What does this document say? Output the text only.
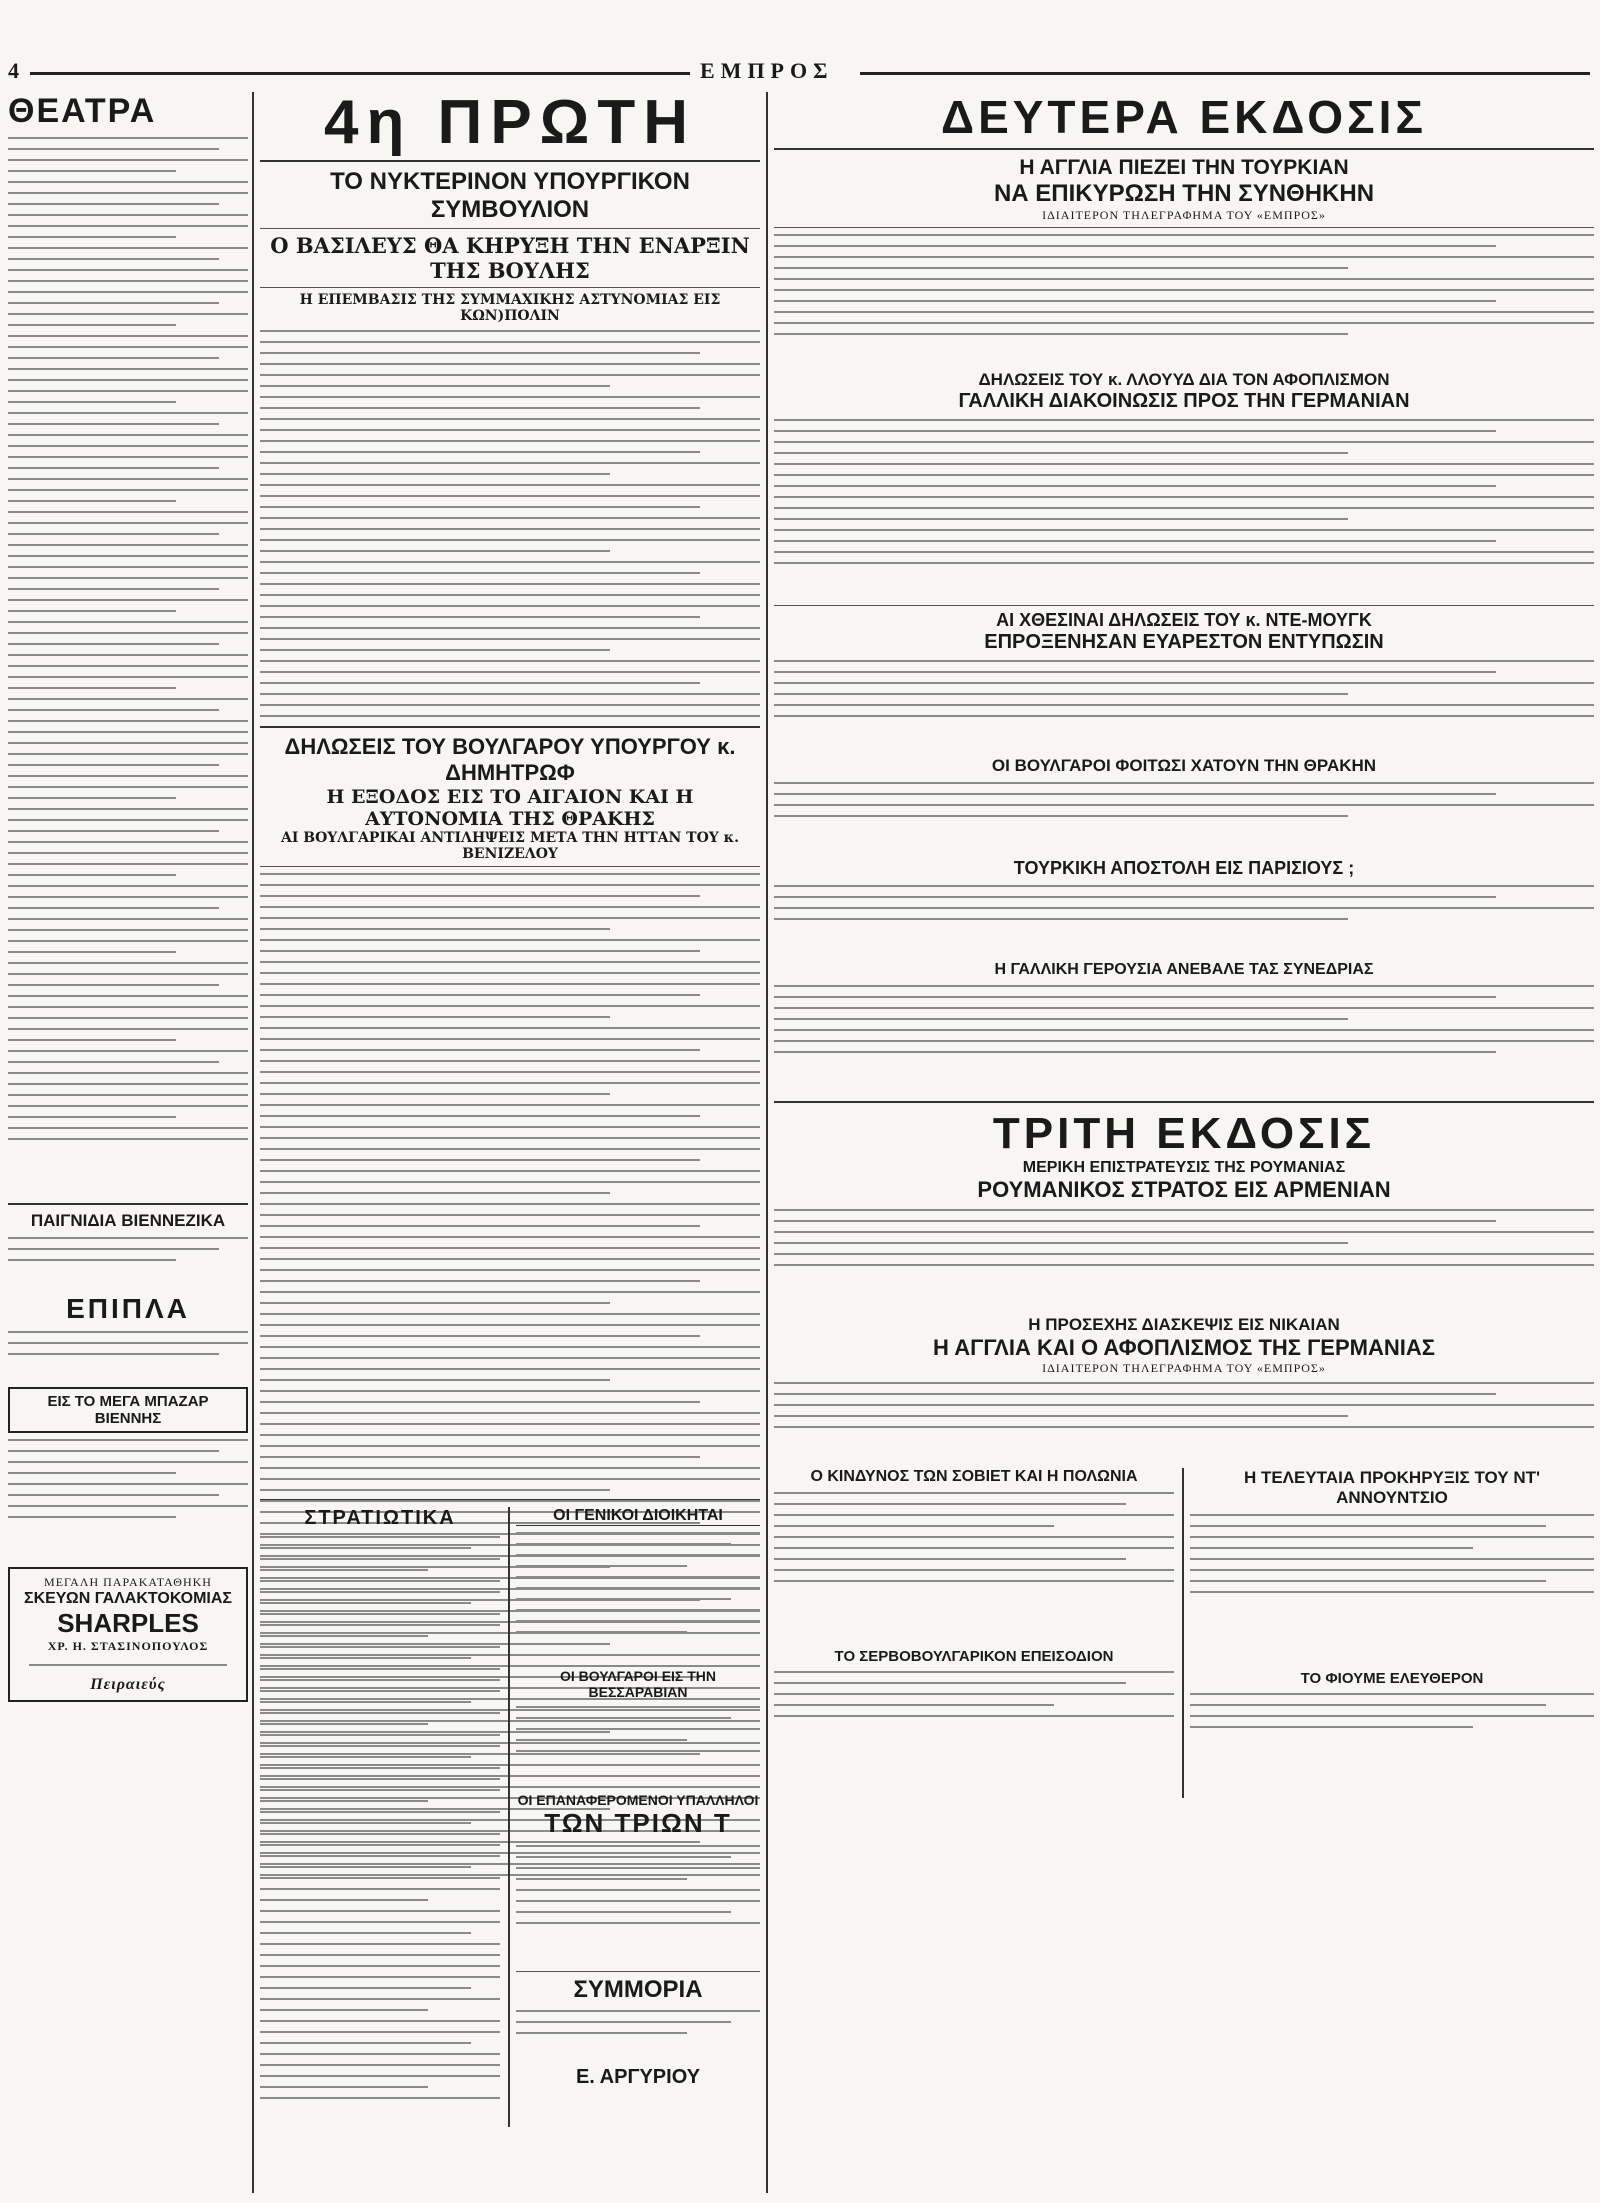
4	ΕΜΠΡΟΣ
ΘΕΑΤΡΑ
ΠΑΙΓΝΙΔΙΑ ΒΙΕΝΝΕΖΙΚΑ
ΕΠΙΠΛΑ
ΕΙΣ ΤΟ ΜΕΓΑ ΜΠΑΖΑΡ ΒΙΕΝΝΗΣ
ΜΕΓΑΛΗ ΠΑΡΑΚΑΤΑΘΗΚΗ
ΣΚΕΥΩΝ ΓΑΛΑΚΤΟΚΟΜΙΑΣ
SHARPLES
ΧΡ. Η. ΣΤΑΣΙΝΟΠΟΥΛΟΣ
Πειραιεύς
4η ΠΡΩΤΗ
ΤΟ ΝΥΚΤΕΡΙΝΟΝ ΥΠΟΥΡΓΙΚΟΝ ΣΥΜΒΟΥΛΙΟΝ
Ο ΒΑΣΙΛΕΥΣ ΘΑ ΚΗΡΥΞΗ ΤΗΝ ΕΝΑΡΞΙΝ ΤΗΣ ΒΟΥΛΗΣ
Η ΕΠΕΜΒΑΣΙΣ ΤΗΣ ΣΥΜΜΑΧΙΚΗΣ ΑΣΤΥΝΟΜΙΑΣ ΕΙΣ ΚΩΝ)ΠΟΛΙΝ
ΔΗΛΩΣΕΙΣ ΤΟΥ ΒΟΥΛΓΑΡΟΥ ΥΠΟΥΡΓΟΥ κ. ΔΗΜΗΤΡΩΦ
Η ΕΞΟΔΟΣ ΕΙΣ ΤΟ ΑΙΓΑΙΟΝ ΚΑΙ Η ΑΥΤΟΝΟΜΙΑ ΤΗΣ ΘΡΑΚΗΣ
ΑΙ ΒΟΥΛΓΑΡΙΚΑΙ ΑΝΤΙΛΗΨΕΙΣ ΜΕΤΑ ΤΗΝ ΗΤΤΑΝ ΤΟΥ κ. ΒΕΝΙΖΕΛΟΥ
ΣΤΡΑΤΙΩΤΙΚΑ	ΟΙ ΓΕΝΙΚΟΙ ΔΙΟΙΚΗΤΑΙ
ΟΙ ΒΟΥΛΓΑΡΟΙ ΕΙΣ ΤΗΝ ΒΕΣΣΑΡΑΒΙΑΝ
ΟΙ ΕΠΑΝΑΦΕΡΟΜΕΝΟΙ ΥΠΑΛΛΗΛΟΙ
ΤΩΝ ΤΡΙΩΝ Τ
ΣΥΜΜΟΡΙΑ
Ε. ΑΡΓΥΡΙΟΥ
ΔΕΥΤΕΡΑ ΕΚΔΟΣΙΣ
Η ΑΓΓΛΙΑ ΠΙΕΖΕΙ ΤΗΝ ΤΟΥΡΚΙΑΝ
ΝΑ ΕΠΙΚΥΡΩΣΗ ΤΗΝ ΣΥΝΘΗΚΗΝ
ΙΔΙΑΙΤΕΡΟΝ ΤΗΛΕΓΡΑΦΗΜΑ ΤΟΥ «ΕΜΠΡΟΣ»
ΔΗΛΩΣΕΙΣ ΤΟΥ κ. ΛΛΟΥΥΔ ΔΙΑ ΤΟΝ ΑΦΟΠΛΙΣΜΟΝ
ΓΑΛΛΙΚΗ ΔΙΑΚΟΙΝΩΣΙΣ ΠΡΟΣ ΤΗΝ ΓΕΡΜΑΝΙΑΝ
ΑΙ ΧΘΕΣΙΝΑΙ ΔΗΛΩΣΕΙΣ ΤΟΥ κ. ΝΤΕ-ΜΟΥΓΚ
ΕΠΡΟΞΕΝΗΣΑΝ ΕΥΑΡΕΣΤΟΝ ΕΝΤΥΠΩΣΙΝ
ΟΙ ΒΟΥΛΓΑΡΟΙ ΦΟΙΤΩΣΙ ΧΑΤΟΥΝ ΤΗΝ ΘΡΑΚΗΝ
ΤΟΥΡΚΙΚΗ ΑΠΟΣΤΟΛΗ ΕΙΣ ΠΑΡΙΣΙΟΥΣ ;
Η ΓΑΛΛΙΚΗ ΓΕΡΟΥΣΙΑ ΑΝΕΒΑΛΕ ΤΑΣ ΣΥΝΕΔΡΙΑΣ
ΤΡΙΤΗ ΕΚΔΟΣΙΣ
ΜΕΡΙΚΗ ΕΠΙΣΤΡΑΤΕΥΣΙΣ ΤΗΣ ΡΟΥΜΑΝΙΑΣ
ΡΟΥΜΑΝΙΚΟΣ ΣΤΡΑΤΟΣ ΕΙΣ ΑΡΜΕΝΙΑΝ
Η ΠΡΟΣΕΧΗΣ ΔΙΑΣΚΕΨΙΣ ΕΙΣ ΝΙΚΑΙΑΝ
Η ΑΓΓΛΙΑ ΚΑΙ Ο ΑΦΟΠΛΙΣΜΟΣ ΤΗΣ ΓΕΡΜΑΝΙΑΣ
ΙΔΙΑΙΤΕΡΟΝ ΤΗΛΕΓΡΑΦΗΜΑ ΤΟΥ «ΕΜΠΡΟΣ»
Ο ΚΙΝΔΥΝΟΣ ΤΩΝ ΣΟΒΙΕΤ ΚΑΙ Η ΠΟΛΩΝΙΑ
ΤΟ ΣΕΡΒΟΒΟΥΛΓΑΡΙΚΟΝ ΕΠΕΙΣΟΔΙΟΝ
Η ΤΕΛΕΥΤΑΙΑ ΠΡΟΚΗΡΥΞΙΣ ΤΟΥ ΝΤ' ΑΝΝΟΥΝΤΣΙΟ
ΤΟ ΦΙΟΥΜΕ ΕΛΕΥΘΕΡΟΝ
